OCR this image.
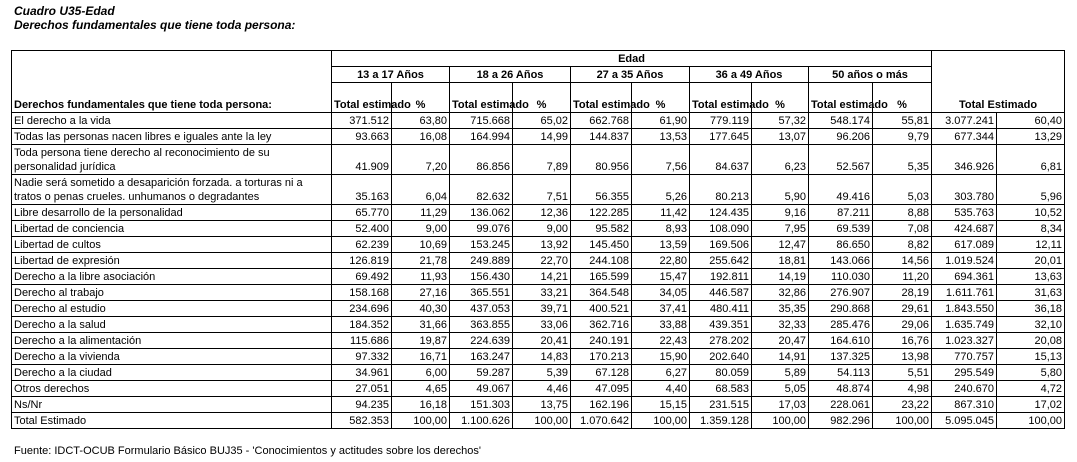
Cuadro U35-Edad
Derechos fundamentales que tiene toda persona:
Derechos fundamentales que tiene toda persona:	Edad										Total Estimado	
	13 a 17 Años		18 a 26 Años		27 a 35 Años		36 a 49 Años		50 años o más			
	Total estimado	%	Total estimado	%	Total estimado	%	Total estimado	%	Total estimado	%		
El derecho a la vida	371.512	63,80	715.668	65,02	662.768	61,90	779.119	57,32	548.174	55,81	3.077.241	60,40
Todas las personas nacen libres e iguales ante la ley	93.663	16,08	164.994	14,99	144.837	13,53	177.645	13,07	96.206	9,79	677.344	13,29
Toda persona tiene derecho al reconocimiento de su personalidad jurídica	41.909	7,20	86.856	7,89	80.956	7,56	84.637	6,23	52.567	5,35	346.926	6,81
Nadie será sometido a desaparición forzada. a torturas ni a tratos o penas crueles. unhumanos o degradantes	35.163	6,04	82.632	7,51	56.355	5,26	80.213	5,90	49.416	5,03	303.780	5,96
Libre desarrollo de la personalidad	65.770	11,29	136.062	12,36	122.285	11,42	124.435	9,16	87.211	8,88	535.763	10,52
Libertad de conciencia	52.400	9,00	99.076	9,00	95.582	8,93	108.090	7,95	69.539	7,08	424.687	8,34
Libertad de cultos	62.239	10,69	153.245	13,92	145.450	13,59	169.506	12,47	86.650	8,82	617.089	12,11
Libertad de expresión	126.819	21,78	249.889	22,70	244.108	22,80	255.642	18,81	143.066	14,56	1.019.524	20,01
Derecho a la libre asociación	69.492	11,93	156.430	14,21	165.599	15,47	192.811	14,19	110.030	11,20	694.361	13,63
Derecho al trabajo	158.168	27,16	365.551	33,21	364.548	34,05	446.587	32,86	276.907	28,19	1.611.761	31,63
Derecho al estudio	234.696	40,30	437.053	39,71	400.521	37,41	480.411	35,35	290.868	29,61	1.843.550	36,18
Derecho a la salud	184.352	31,66	363.855	33,06	362.716	33,88	439.351	32,33	285.476	29,06	1.635.749	32,10
Derecho a la alimentación	115.686	19,87	224.639	20,41	240.191	22,43	278.202	20,47	164.610	16,76	1.023.327	20,08
Derecho a la vivienda	97.332	16,71	163.247	14,83	170.213	15,90	202.640	14,91	137.325	13,98	770.757	15,13
Derecho a la ciudad	34.961	6,00	59.287	5,39	67.128	6,27	80.059	5,89	54.113	5,51	295.549	5,80
Otros derechos	27.051	4,65	49.067	4,46	47.095	4,40	68.583	5,05	48.874	4,98	240.670	4,72
Ns/Nr	94.235	16,18	151.303	13,75	162.196	15,15	231.515	17,03	228.061	23,22	867.310	17,02
Total Estimado	582.353	100,00	1.100.626	100,00	1.070.642	100,00	1.359.128	100,00	982.296	100,00	5.095.045	100,00
Fuente: IDCT-OCUB Formulario Básico BUJ35 - 'Conocimientos y actitudes sobre los derechos'
